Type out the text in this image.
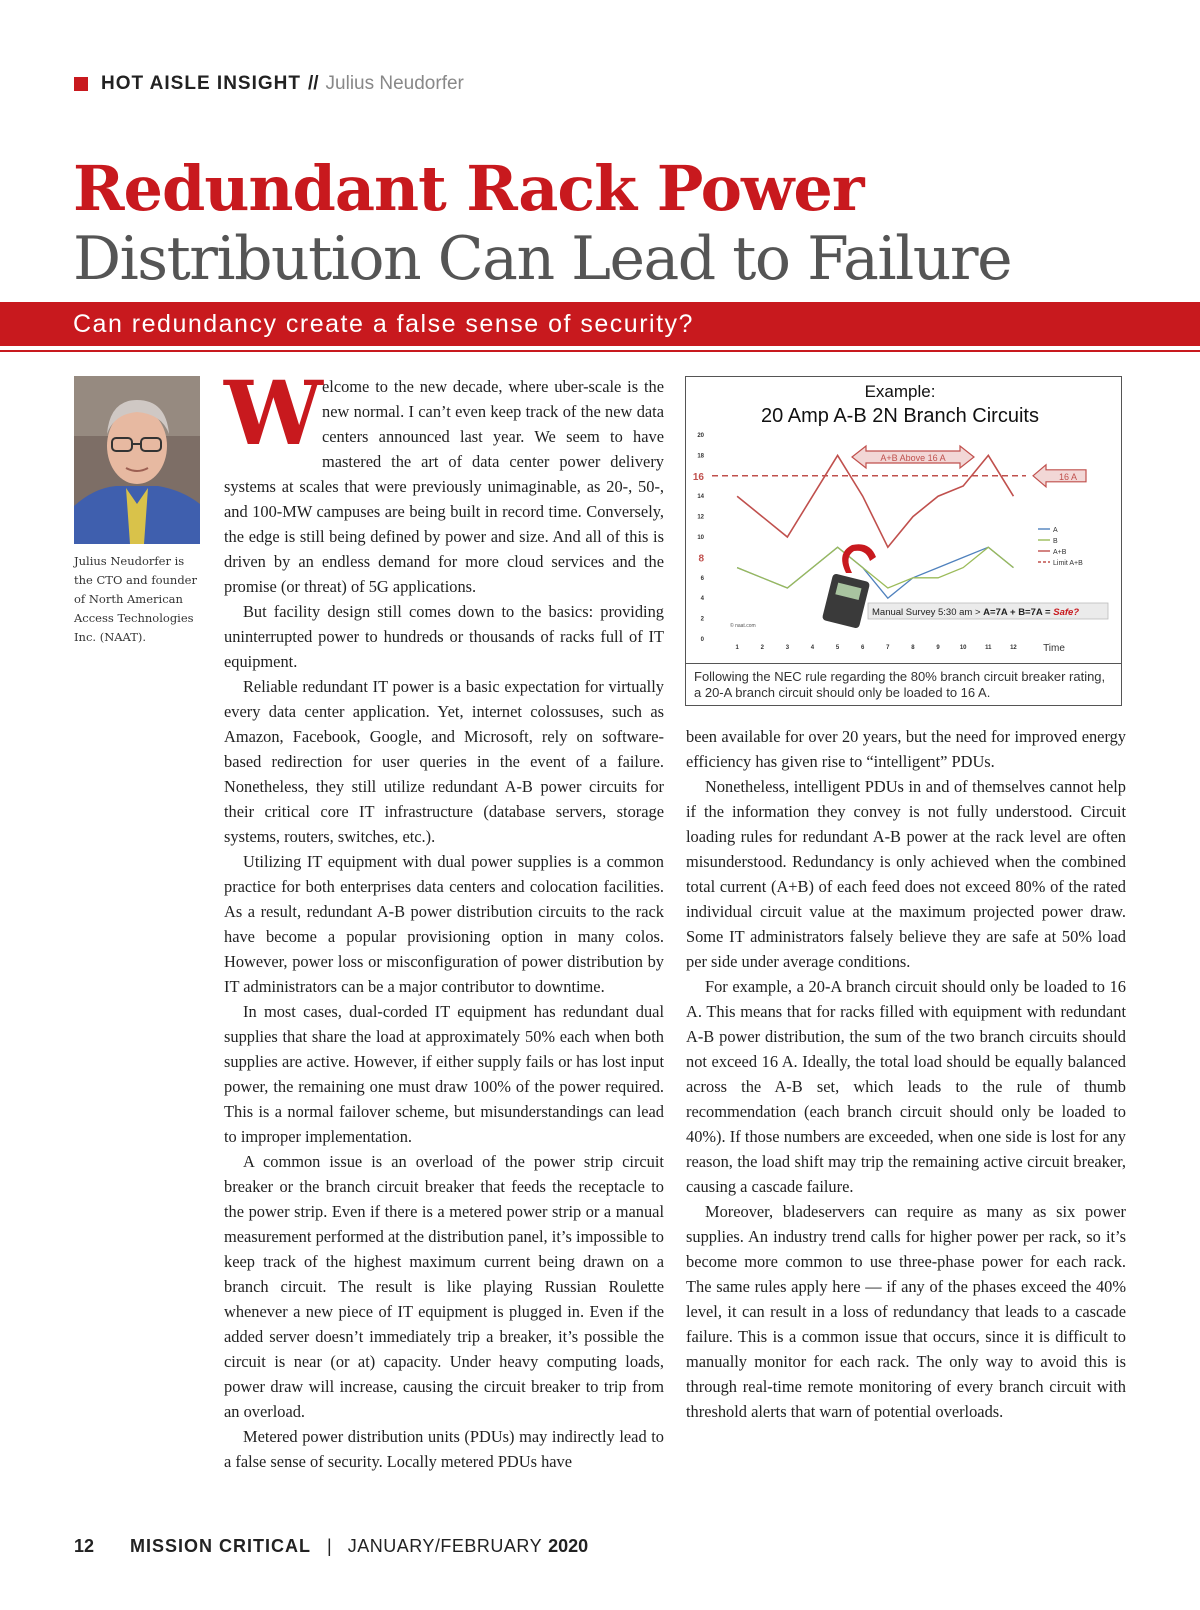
HOT AISLE INSIGHT // Julius Neudorfer
Redundant Rack Power
Distribution Can Lead to Failure
Can redundancy create a false sense of security?
Julius Neudorfer is the CTO and founder of North American Access Technologies Inc. (NAAT).

Welcome to the new decade, where uber-scale is the new normal. I can’t even keep track of the new data centers announced last year. We seem to have mastered the art of data center power delivery systems at scales that were previously unimaginable, as 20-, 50-, and 100-MW campuses are being built in record time. Conversely, the edge is still being defined by power and size. And all of this is driven by an endless demand for more cloud services and the promise (or threat) of 5G applications.

But facility design still comes down to the basics: providing uninterrupted power to hundreds or thousands of racks full of IT equipment.

Reliable redundant IT power is a basic expectation for virtually every data center application. Yet, internet colossuses, such as Amazon, Facebook, Google, and Microsoft, rely on software-based redirection for user queries in the event of a failure. Nonetheless, they still utilize redundant A-B power circuits for their critical core IT infrastructure (database servers, storage systems, routers, switches, etc.).

Utilizing IT equipment with dual power supplies is a common practice for both enterprises data centers and colocation facilities. As a result, redundant A-B power distribution circuits to the rack have become a popular provisioning option in many colos. However, power loss or misconfiguration of power distribution by IT administrators can be a major contributor to downtime.

In most cases, dual-corded IT equipment has redundant dual supplies that share the load at approximately 50% each when both supplies are active. However, if either supply fails or has lost input power, the remaining one must draw 100% of the power required. This is a normal failover scheme, but misunderstandings can lead to improper implementation.

A common issue is an overload of the power strip circuit breaker or the branch circuit breaker that feeds the receptacle to the power strip. Even if there is a metered power strip or a manual measurement performed at the distribution panel, it’s impossible to keep track of the highest maximum current being drawn on a branch circuit. The result is like playing Russian Roulette whenever a new piece of IT equipment is plugged in. Even if the added server doesn’t immediately trip a breaker, it’s possible the circuit is near (or at) capacity. Under heavy computing loads, power draw will increase, causing the circuit breaker to trip from an overload.

Metered power distribution units (PDUs) may indirectly lead to a false sense of security. Locally metered PDUs have

Example:
20 Amp A-B 2N Branch Circuits
0
2
4
6
8
10
12
14
16
18
20
1	2	3	4	5	6	7	8	9	10	11	12	Time
A+B Above 16 A
16 A
A
B
A+B
Limit A+B
Manual Survey 5:30 am > A=7A + B=7A = Safe?
© naat.com
Following the NEC rule regarding the 80% branch circuit breaker rating, a 20-A branch circuit should only be loaded to 16 A.

been available for over 20 years, but the need for improved energy efficiency has given rise to “intelligent” PDUs.

Nonetheless, intelligent PDUs in and of themselves cannot help if the information they convey is not fully understood. Circuit loading rules for redundant A-B power at the rack level are often misunderstood. Redundancy is only achieved when the combined total current (A+B) of each feed does not exceed 80% of the rated individual circuit value at the maximum projected power draw. Some IT administrators falsely believe they are safe at 50% load per side under average conditions.

For example, a 20-A branch circuit should only be loaded to 16 A. This means that for racks filled with equipment with redundant A-B power distribution, the sum of the two branch circuits should not exceed 16 A. Ideally, the total load should be equally balanced across the A-B set, which leads to the rule of thumb recommendation (each branch circuit should only be loaded to 40%). If those numbers are exceeded, when one side is lost for any reason, the load shift may trip the remaining active circuit breaker, causing a cascade failure.

Moreover, bladeservers can require as many as six power supplies. An industry trend calls for higher power per rack, so it’s become more common to use three-phase power for each rack. The same rules apply here — if any of the phases exceed the 40% level, it can result in a loss of redundancy that leads to a cascade failure. This is a common issue that occurs, since it is difficult to manually monitor for each rack. The only way to avoid this is through real-time remote monitoring of every branch circuit with threshold alerts that warn of potential overloads.

12 MISSION CRITICAL | JANUARY/FEBRUARY 2020
